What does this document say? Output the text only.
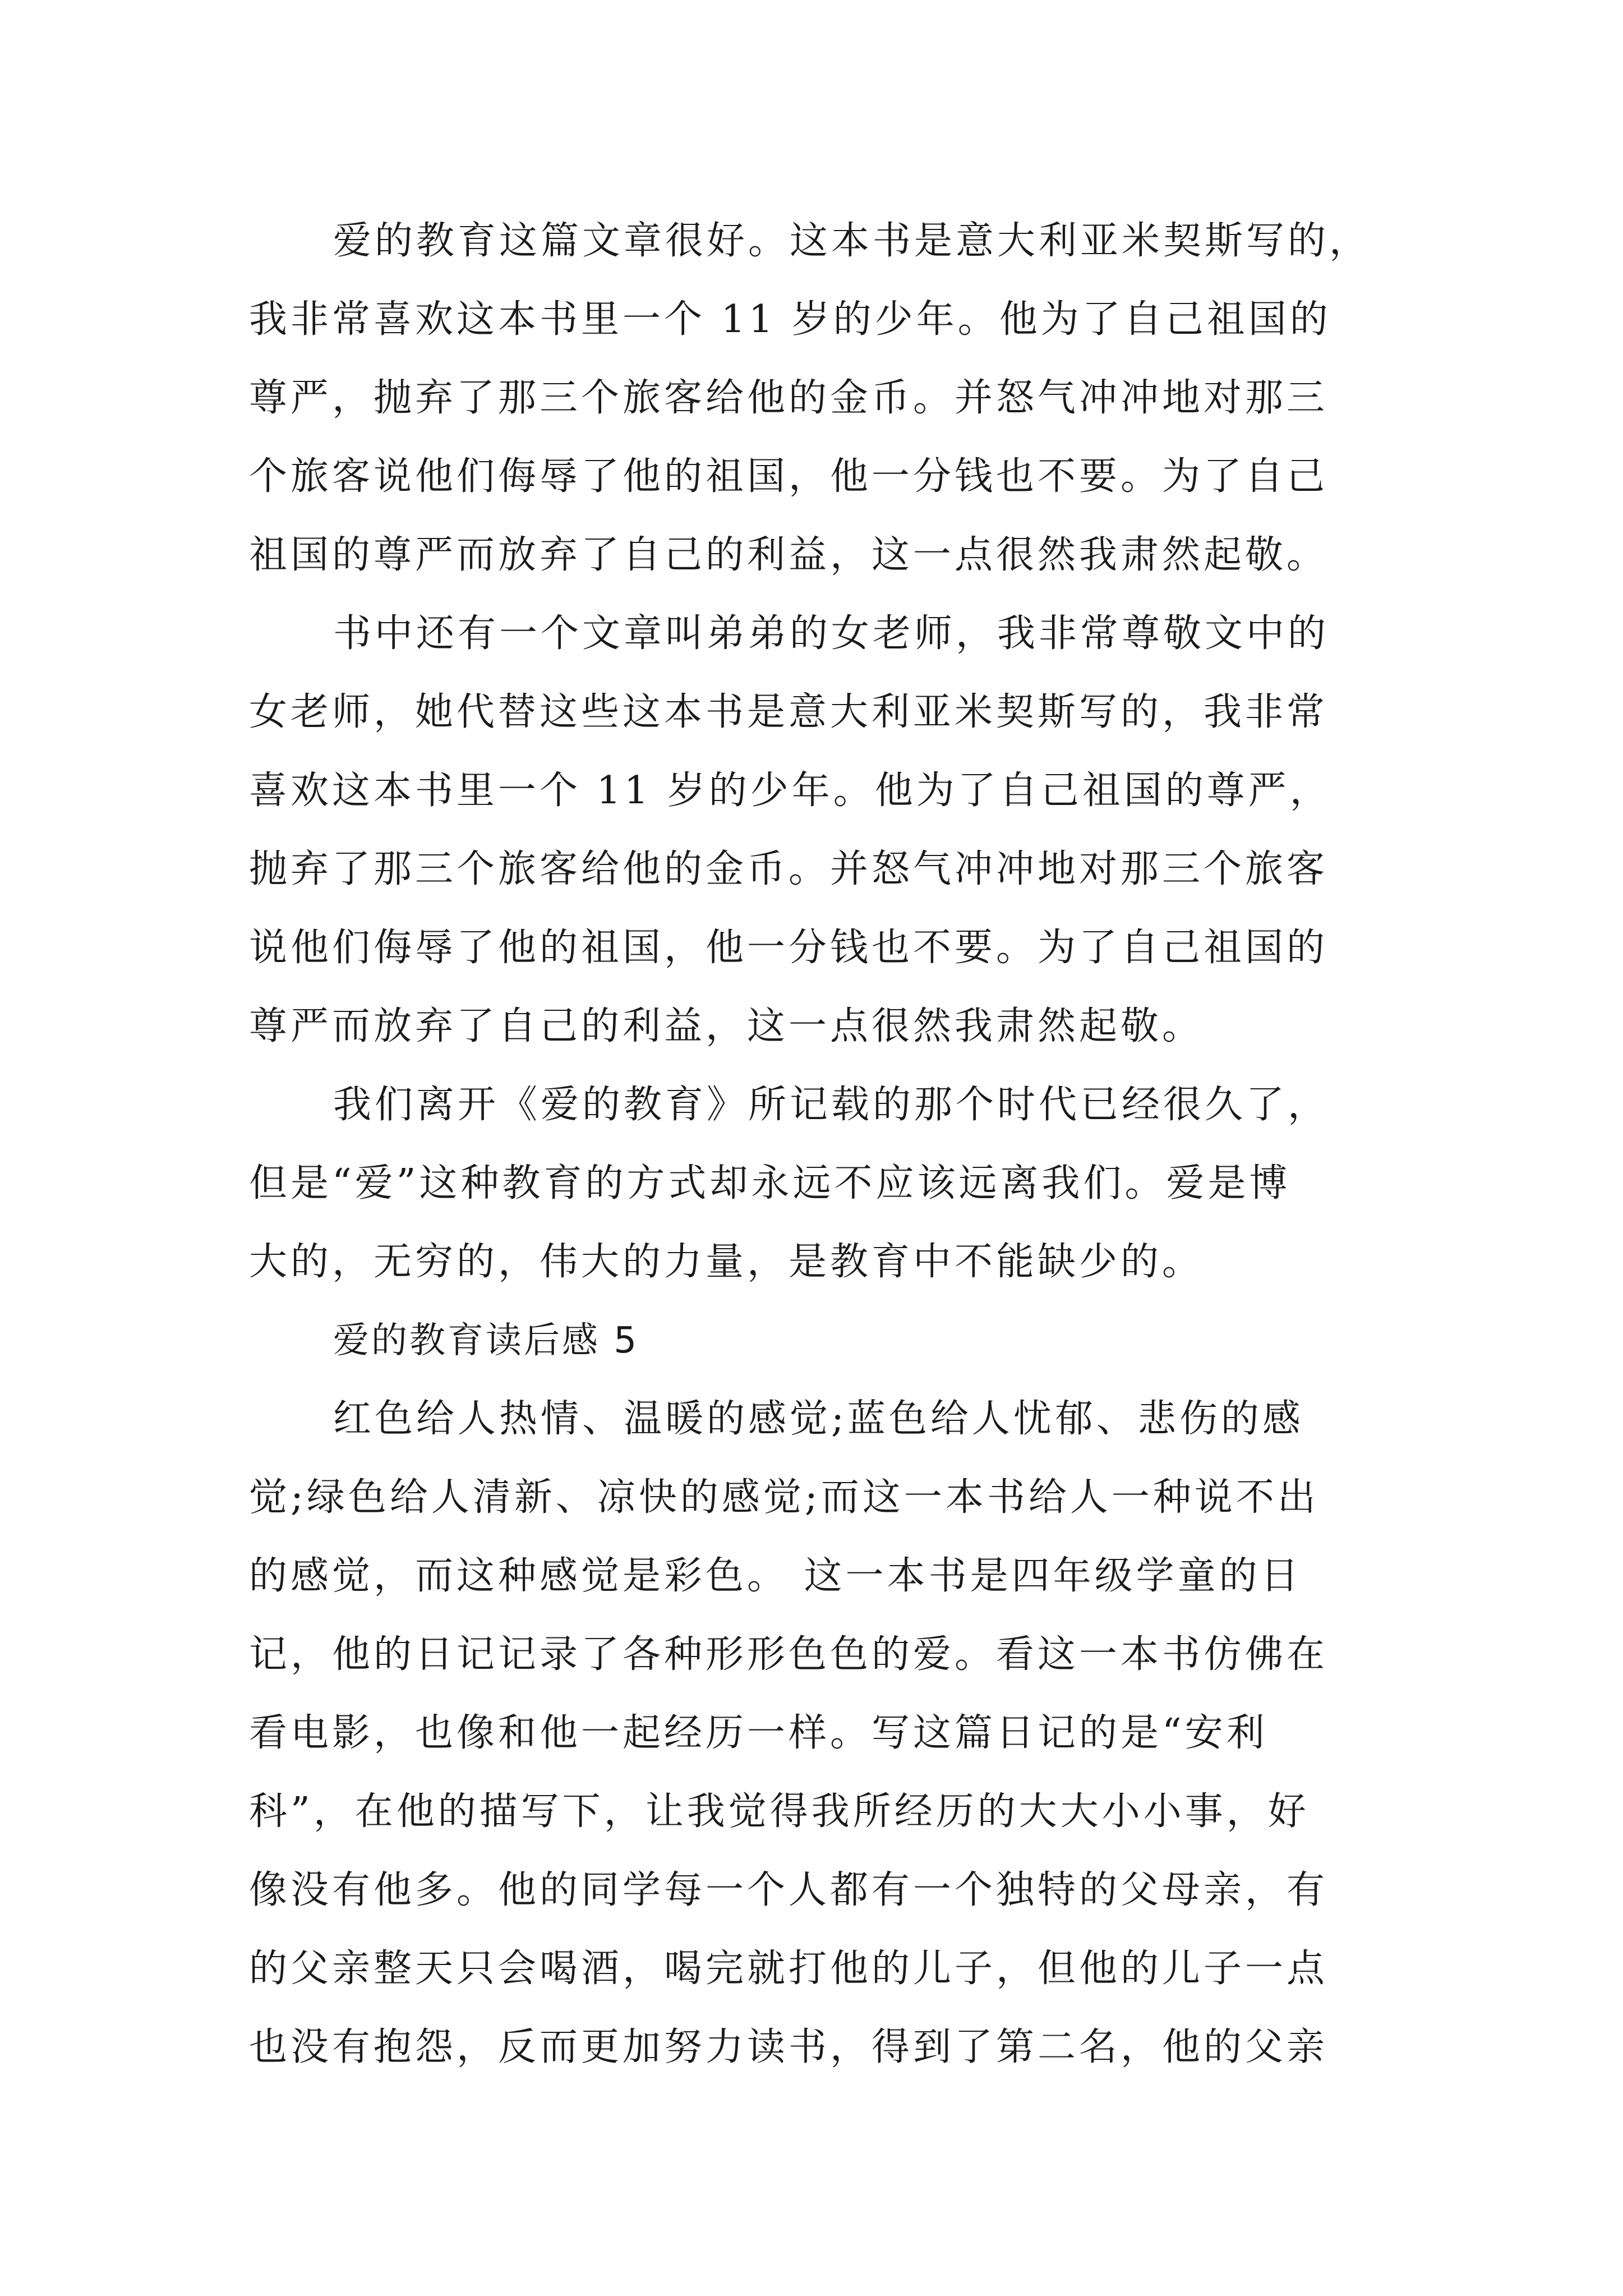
爱的教育这篇文章很好。这本书是意大利亚米契斯写的，
我非常喜欢这本书里一个 11 岁的少年。他为了自己祖国的
尊严，抛弃了那三个旅客给他的金币。并怒气冲冲地对那三
个旅客说他们侮辱了他的祖国，他一分钱也不要。为了自己
祖国的尊严而放弃了自己的利益，这一点很然我肃然起敬。
书中还有一个文章叫弟弟的女老师，我非常尊敬文中的
女老师，她代替这些这本书是意大利亚米契斯写的，我非常
喜欢这本书里一个 11 岁的少年。他为了自己祖国的尊严，
抛弃了那三个旅客给他的金币。并怒气冲冲地对那三个旅客
说他们侮辱了他的祖国，他一分钱也不要。为了自己祖国的
尊严而放弃了自己的利益，这一点很然我肃然起敬。
我们离开《爱的教育》所记载的那个时代已经很久了，
但是“爱”这种教育的方式却永远不应该远离我们。爱是博
大的，无穷的，伟大的力量，是教育中不能缺少的。
爱的教育读后感 5
红色给人热情、温暖的感觉;蓝色给人忧郁、悲伤的感
觉;绿色给人清新、凉快的感觉;而这一本书给人一种说不出
的感觉，而这种感觉是彩色。 这一本书是四年级学童的日
记，他的日记记录了各种形形色色的爱。看这一本书仿佛在
看电影，也像和他一起经历一样。写这篇日记的是“安利
科”，在他的描写下，让我觉得我所经历的大大小小事，好
像没有他多。他的同学每一个人都有一个独特的父母亲，有
的父亲整天只会喝酒，喝完就打他的儿子，但他的儿子一点
也没有抱怨，反而更加努力读书，得到了第二名，他的父亲
